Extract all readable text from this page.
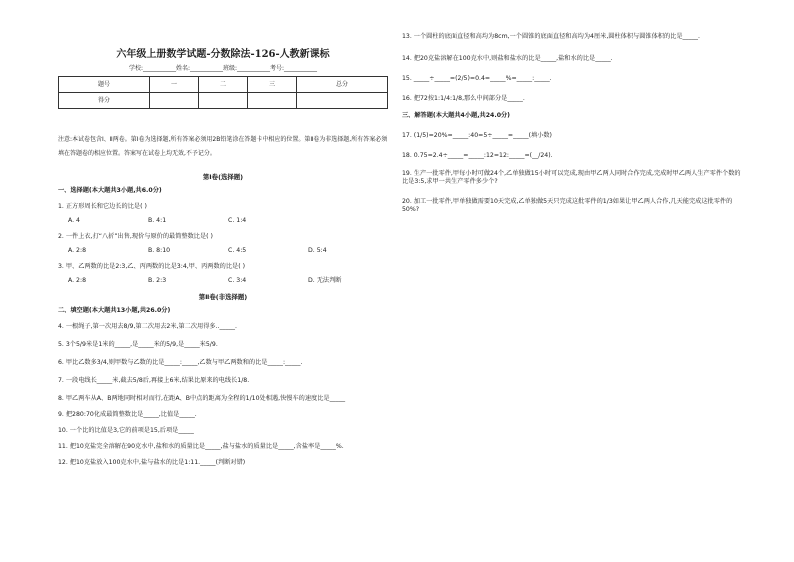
六年级上册数学试题-分数除法-126-人教新课标
学校:___________姓名:___________班级:___________考号:___________
题号	一	二	三	总分
得分				
注意:本试卷包含Ⅰ、Ⅱ两卷。第Ⅰ卷为选择题,所有答案必须用2B铅笔涂在答题卡中相应的位置。第Ⅱ卷为非选择题,所有答案必须填在答题卷的相应位置。答案写在试卷上均无效,不予记分。
第Ⅰ卷(选择题)
一、选择题(本大题共3小题,共6.0分)
1. 正方形周长和它边长的比是( )
A. 4	B. 4:1	C. 1:4
2. 一件上衣,打“八折”出售,现价与原价的最简整数比是( )
A. 2:8	B. 8:10	C. 4:5	D. 5:4
3. 甲、乙两数的比是2:3,乙、丙两数的比是3:4,甲、丙两数的比是( )
A. 2:8	B. 2:3	C. 3:4	D. 无法判断
第Ⅱ卷(非选择题)
二、填空题(本大题共13小题,共26.0分)
4. 一根绳子,第一次用去8/9,第二次用去2米,第二次用得多.._____.
5. 3个5/9米是1米的_____,是_____米的5/9,是_____米5/9.
6. 甲比乙数多3/4,则甲数与乙数的比是_____:_____,乙数与甲乙两数和的比是_____:_____.
7. 一段电线长_____米,截去5/8后,再接上6米,结果比原来的电线长1/8.
8. 甲乙两车从A、B两地同时相对而行,在距A、B中点的距离为全程的1/10处相遇,快慢车的速度比是_____
9. 把280:70化成最简整数比是_____,比值是_____.
10. 一个比的比值是3,它的前项是15,后项是_____
11. 把10克盐完全溶解在90克水中,盐和水的质量比是_____,盐与盐水的质量比是_____,含盐率是_____%.
12. 把10克盐放入100克水中,盐与盐水的比是1:11._____(判断对错)
13. 一个圆柱的底面直径和高均为8cm,一个圆锥的底面直径和高均为4厘米,圆柱体积与圆锥体积的比是_____.
14. 把20克盐溶解在100克水中,则盐和盐水的比是_____,盐和水的比是_____.
15. _____÷_____=(2/5)=0.4=_____%=_____:_____.
16. 把72按1:1/4:1/8,那么中间部分是_____.
三、解答题(本大题共4小题,共24.0分)
17. (1/5)=20%=_____:40=5÷_____=_____(填小数)
18. 0.75=2.4÷_____=_____:12=12:_____=(__/24).
19. 生产一批零件,甲每小时可做24个,乙单独做15小时可以完成,现由甲乙两人同时合作完成,完成时甲乙两人生产零件个数的比是3:5,求甲一共生产零件多少个?
20. 加工一批零件,甲单独做需要10天完成,乙单独做5天只完成这批零件的1/3如果让甲乙两人合作,几天能完成这批零件的50%?
